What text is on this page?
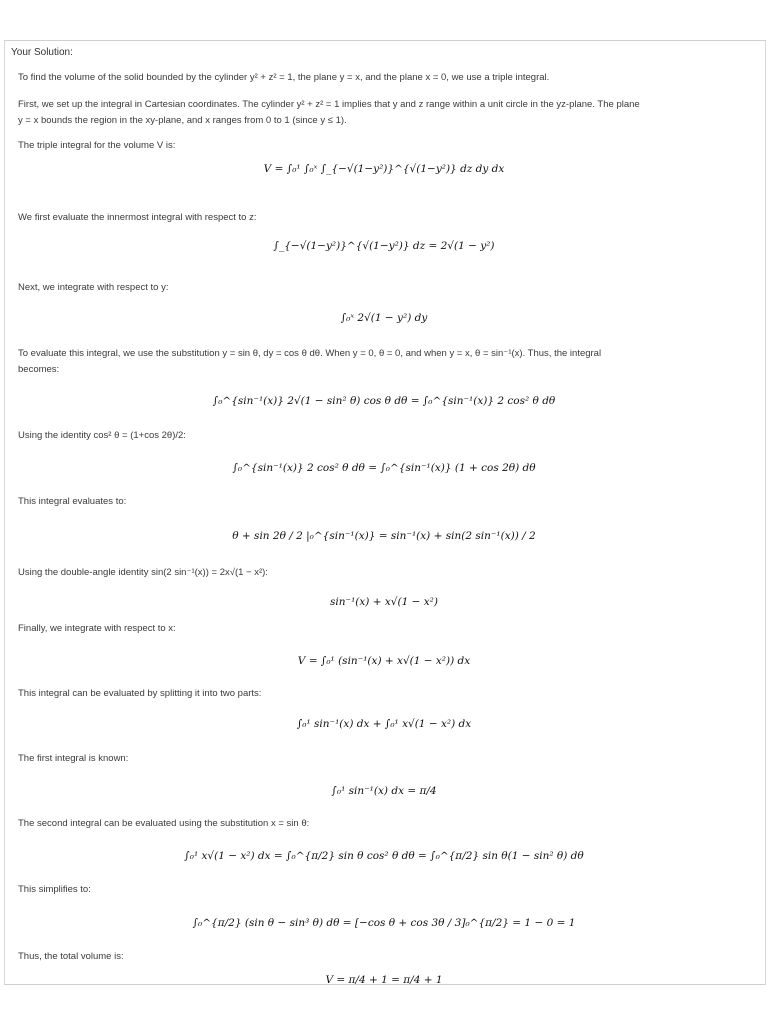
Your Solution:
To find the volume of the solid bounded by the cylinder y² + z² = 1, the plane y = x, and the plane x = 0, we use a triple integral.
First, we set up the integral in Cartesian coordinates. The cylinder y² + z² = 1 implies that y and z range within a unit circle in the yz-plane. The plane
y = x bounds the region in the xy-plane, and x ranges from 0 to 1 (since y ≤ 1).
The triple integral for the volume V is:
We first evaluate the innermost integral with respect to z:
Next, we integrate with respect to y:
To evaluate this integral, we use the substitution y = sin θ, dy = cos θ dθ. When y = 0, θ = 0, and when y = x, θ = sin⁻¹(x). Thus, the integral
becomes:
Using the identity cos² θ = (1+cos 2θ)/2:
This integral evaluates to:
Using the double-angle identity sin(2 sin⁻¹(x)) = 2x√(1 − x²):
Finally, we integrate with respect to x:
This integral can be evaluated by splitting it into two parts:
The first integral is known:
The second integral can be evaluated using the substitution x = sin θ:
This simplifies to:
Thus, the total volume is:
V = ∫₀¹ ∫₀ˣ ∫_{−√(1−y²)}^{√(1−y²)} dz dy dx
∫_{−√(1−y²)}^{√(1−y²)} dz = 2√(1 − y²)
∫₀ˣ 2√(1 − y²) dy
∫₀^{sin⁻¹(x)} 2√(1 − sin² θ) cos θ dθ = ∫₀^{sin⁻¹(x)} 2 cos² θ dθ
∫₀^{sin⁻¹(x)} 2 cos² θ dθ = ∫₀^{sin⁻¹(x)} (1 + cos 2θ) dθ
θ + sin 2θ / 2 |₀^{sin⁻¹(x)} = sin⁻¹(x) + sin(2 sin⁻¹(x)) / 2
sin⁻¹(x) + x√(1 − x²)
V = ∫₀¹ (sin⁻¹(x) + x√(1 − x²)) dx
∫₀¹ sin⁻¹(x) dx + ∫₀¹ x√(1 − x²) dx
∫₀¹ sin⁻¹(x) dx = π/4
∫₀¹ x√(1 − x²) dx = ∫₀^{π/2} sin θ cos² θ dθ = ∫₀^{π/2} sin θ(1 − sin² θ) dθ
∫₀^{π/2} (sin θ − sin³ θ) dθ = [−cos θ + cos 3θ / 3]₀^{π/2} = 1 − 0 = 1
V = π/4 + 1 = π/4 + 1
